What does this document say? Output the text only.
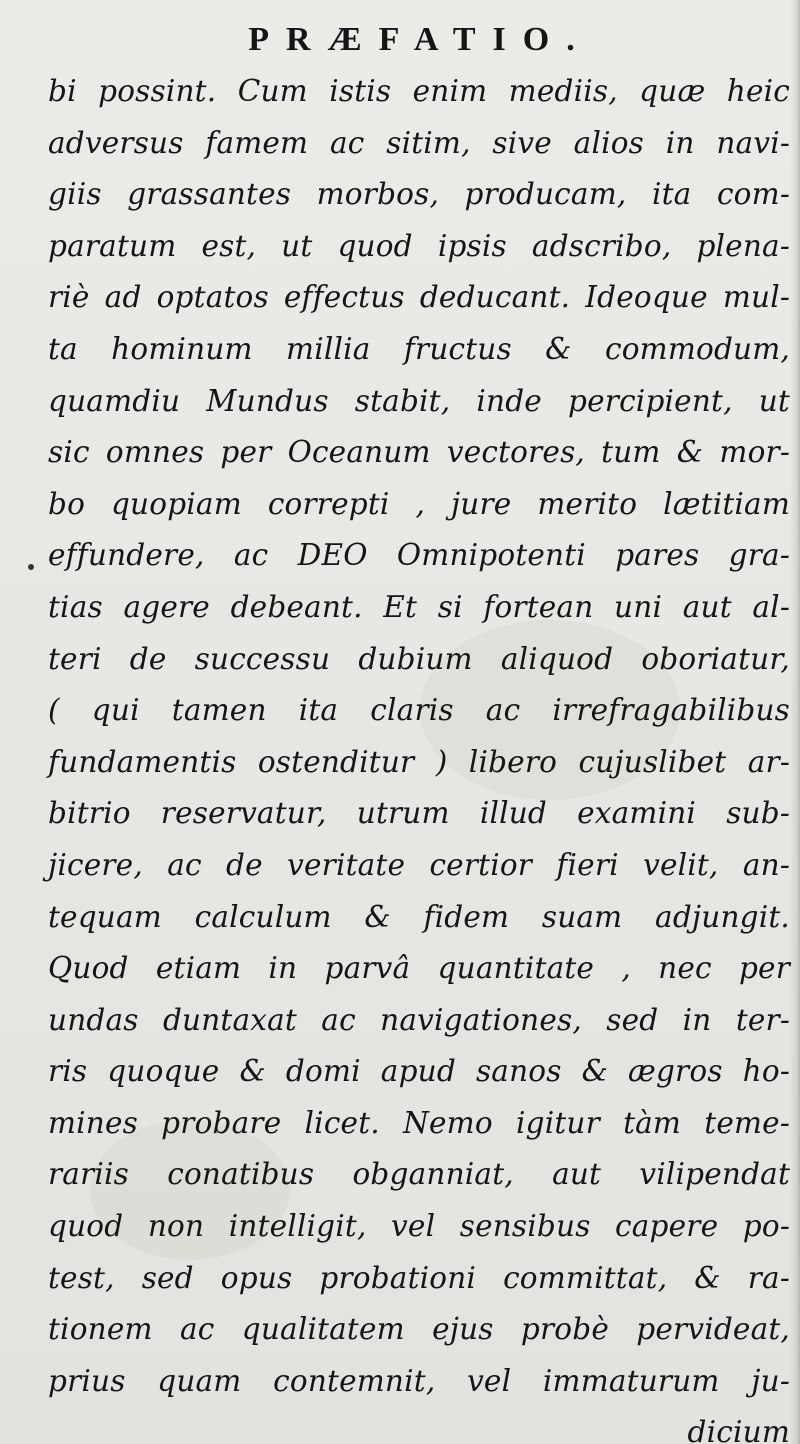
PRÆFATIO.
bi possint. Cum istis enim mediis, quæ heic
adversus famem ac sitim, sive alios in navi-
giis grassantes morbos, producam, ita com-
paratum est, ut quod ipsis adscribo, plena-
riè ad optatos effectus deducant. Ideoque mul-
ta hominum millia fructus & commodum,
quamdiu Mundus stabit, inde percipient, ut
sic omnes per Oceanum vectores, tum & mor-
bo quopiam correpti , jure merito lætitiam
effundere, ac DEO Omnipotenti pares gra-
tias agere debeant. Et si fortean uni aut al-
teri de successu dubium aliquod oboriatur,
( qui tamen ita claris ac irrefragabilibus
fundamentis ostenditur ) libero cujuslibet ar-
bitrio reservatur, utrum illud examini sub-
jicere, ac de veritate certior fieri velit, an-
tequam calculum & fidem suam adjungit.
Quod etiam in parvâ quantitate , nec per
undas duntaxat ac navigationes, sed in ter-
ris quoque & domi apud sanos & ægros ho-
mines probare licet. Nemo igitur tàm teme-
rariis conatibus obganniat, aut vilipendat
quod non intelligit, vel sensibus capere po-
test, sed opus probationi committat, & ra-
tionem ac qualitatem ejus probè pervideat,
prius quam contemnit, vel immaturum ju-
dicium
